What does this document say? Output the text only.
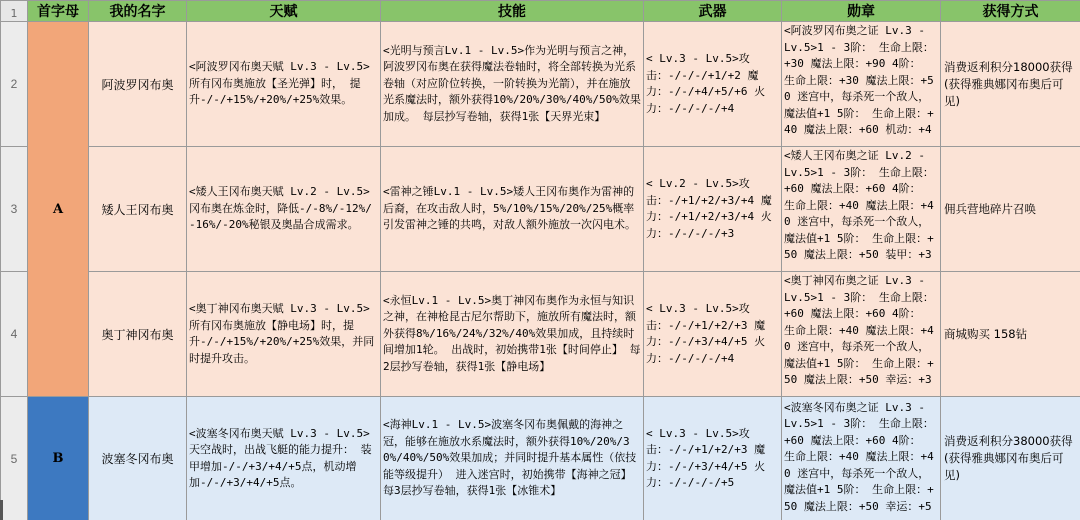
1	首字母	我的名字	天赋	技能	武器	勋章	获得方式
2	A	阿波罗冈布奥	<阿波罗冈布奥天赋 Lv.3 - Lv.5>所有冈布奥施放【圣光弹】时， 提升-/-/+15%/+20%/+25%效果。	<光明与预言Lv.1 - Lv.5>作为光明与预言之神，阿波罗冈布奥在获得魔法卷轴时，将全部转换为光系卷轴（对应阶位转换，一阶转换为光箭），并在施放光系魔法时，额外获得10%/20%/30%/40%/50%效果加成。 每层抄写卷轴，获得1张【天界光束】	< Lv.3 - Lv.5>攻击：-/-/-/+1/+2 魔力：-/-/+4/+5/+6 火力：-/-/-/-/+4	<阿波罗冈布奥之证 Lv.3 - Lv.5>1 - 3阶： 生命上限：+30 魔法上限：+90 4阶： 生命上限：+30 魔法上限：+50 迷宫中，每杀死一个敌人，魔法值+1 5阶： 生命上限：+40 魔法上限：+60 机动：+4	消费返利积分18000获得(获得雅典娜冈布奥后可见)

3		矮人王冈布奥	<矮人王冈布奥天赋 Lv.2 - Lv.5>冈布奥在炼金时，降低-/-8%/-12%/-16%/-20%秘银及奥晶合成需求。	<雷神之锤Lv.1 - Lv.5>矮人王冈布奥作为雷神的后裔，在攻击敌人时，5%/10%/15%/20%/25%概率引发雷神之锤的共鸣，对敌人额外施放一次闪电术。	< Lv.2 - Lv.5>攻击：-/+1/+2/+3/+4 魔力：-/+1/+2/+3/+4 火力：-/-/-/-/+3	<矮人王冈布奥之证 Lv.2 - Lv.5>1 - 3阶： 生命上限：+60 魔法上限：+60 4阶： 生命上限：+40 魔法上限：+40 迷宫中，每杀死一个敌人，魔法值+1 5阶： 生命上限：+50 魔法上限：+50 装甲：+3	佣兵营地碎片召唤

4		奥丁神冈布奥	<奥丁神冈布奥天赋 Lv.3 - Lv.5>所有冈布奥施放【静电场】时，提升-/-/+15%/+20%/+25%效果，并同时提升攻击。	<永恒Lv.1 - Lv.5>奥丁神冈布奥作为永恒与知识之神，在神枪昆古尼尔帮助下，施放所有魔法时，额外获得8%/16%/24%/32%/40%效果加成，且持续时间增加1轮。 出战时，初始携带1张【时间停止】 每2层抄写卷轴，获得1张【静电场】	< Lv.3 - Lv.5>攻击：-/-/+1/+2/+3 魔力：-/-/+3/+4/+5 火力：-/-/-/-/+4	<奥丁神冈布奥之证 Lv.3 - Lv.5>1 - 3阶： 生命上限：+60 魔法上限：+60 4阶： 生命上限：+40 魔法上限：+40 迷宫中，每杀死一个敌人，魔法值+1 5阶： 生命上限：+50 魔法上限：+50 幸运：+3	商城购买 158钻

5	B	波塞冬冈布奥	<波塞冬冈布奥天赋 Lv.3 - Lv.5>天空战时，出战飞艇的能力提升： 装甲增加-/-/+3/+4/+5点，机动增加-/-/+3/+4/+5点。	<海神Lv.1 - Lv.5>波塞冬冈布奥佩戴的海神之冠，能够在施放水系魔法时，额外获得10%/20%/30%/40%/50%效果加成；并同时提升基本属性（依技能等级提升） 进入迷宫时，初始携带【海神之冠】 每3层抄写卷轴，获得1张【冰锥术】	< Lv.3 - Lv.5>攻击：-/-/+1/+2/+3 魔力：-/-/+3/+4/+5 火力：-/-/-/-/+5	<波塞冬冈布奥之证 Lv.3 - Lv.5>1 - 3阶： 生命上限：+60 魔法上限：+60 4阶： 生命上限：+40 魔法上限：+40 迷宫中，每杀死一个敌人，魔法值+1 5阶： 生命上限：+50 魔法上限：+50 幸运：+5	消费返利积分38000获得(获得雅典娜冈布奥后可见)
